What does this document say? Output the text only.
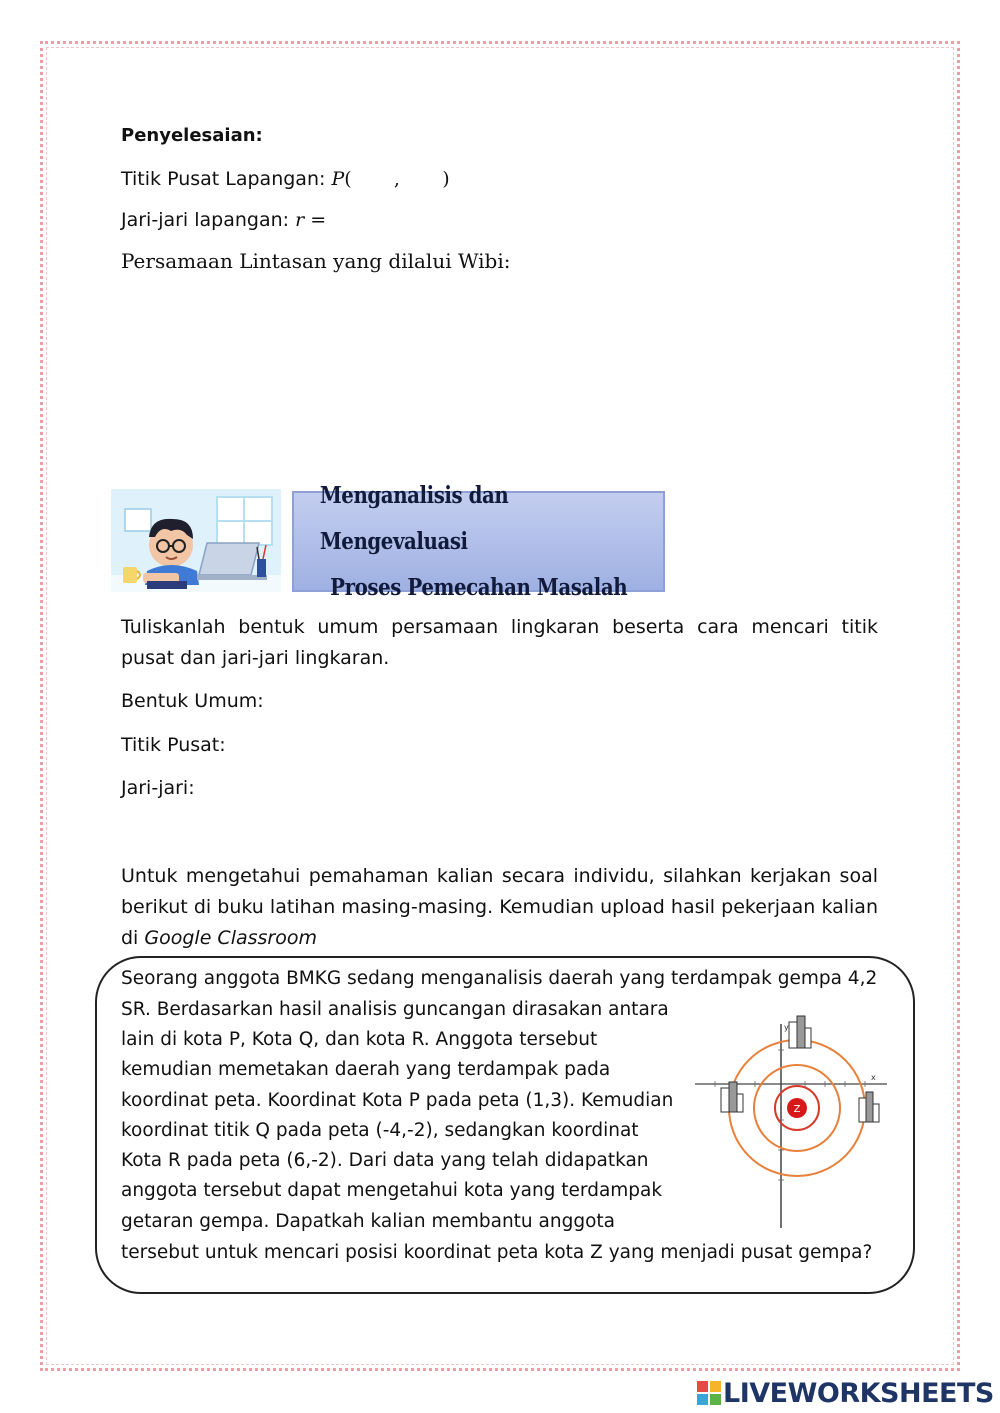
Penyelesaian:
Titik Pusat Lapangan: P(       ,       )
Jari-jari lapangan: r =
Persamaan Lintasan yang dilalui Wibi:
Menganalisis dan Mengevaluasi
Proses Pemecahan Masalah
Tuliskanlah bentuk umum persamaan lingkaran beserta cara mencari titik pusat dan jari-jari lingkaran.
Bentuk Umum:
Titik Pusat:
Jari-jari:
Untuk mengetahui pemahaman kalian secara individu, silahkan kerjakan soal berikut di buku latihan masing-masing. Kemudian upload hasil pekerjaan kalian di Google Classroom
Seorang anggota BMKG sedang menganalisis daerah yang terdampak gempa 4,2
SR. Berdasarkan hasil analisis guncangan dirasakan antara
lain di kota P, Kota Q, dan kota R. Anggota tersebut
kemudian memetakan daerah yang terdampak pada
koordinat peta. Koordinat Kota P pada peta (1,3). Kemudian
koordinat titik Q pada peta (-4,-2), sedangkan koordinat
Kota R pada peta (6,-2). Dari data yang telah didapatkan
anggota tersebut dapat mengetahui kota yang terdampak
getaran gempa. Dapatkah kalian membantu anggota
tersebut untuk mencari posisi koordinat peta kota Z yang menjadi pusat gempa?
x
y
Z
LIVEWORKSHEETS
